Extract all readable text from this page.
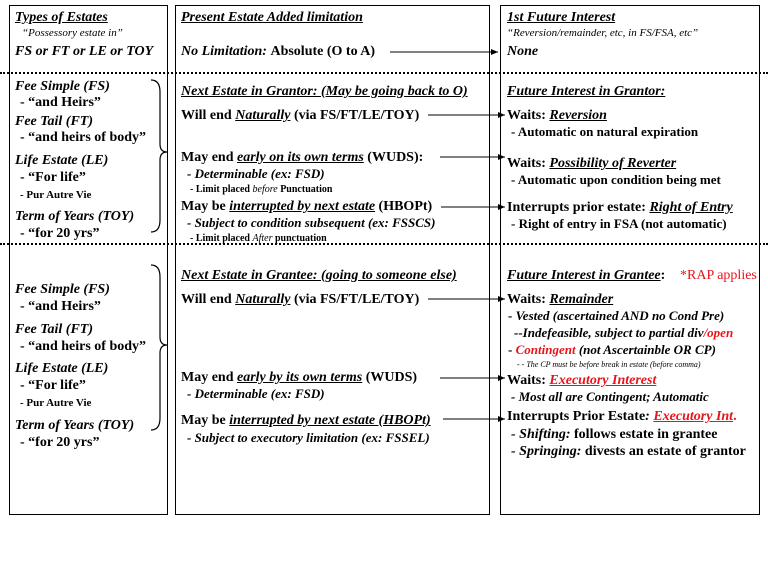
Types of Estates
“Possessory estate in”
FS or FT or LE or TOY
Fee Simple (FS)
- “and Heirs”
Fee Tail (FT)
- “and heirs of body”
Life Estate (LE)
- “For life”
- Pur Autre Vie
Term of Years (TOY)
- “for 20 yrs”
Fee Simple (FS)
- “and Heirs”
Fee Tail (FT)
- “and heirs of body”
Life Estate (LE)
- “For life”
- Pur Autre Vie
Term of Years (TOY)
- “for 20 yrs”
Present Estate Added limitation
No Limitation: Absolute (O to A)
Next Estate in Grantor: (May be going back to O)
Will end Naturally (via FS/FT/LE/TOY)
May end early on its own terms (WUDS):
- Determinable (ex: FSD)
- Limit placed before Punctuation
May be interrupted by next estate (HBOPt)
- Subject to condition subsequent (ex: FSSCS)
- Limit placed After punctuation
Next Estate in Grantee: (going to someone else)
Will end Naturally (via FS/FT/LE/TOY)
May end early by its own terms (WUDS)
- Determinable (ex: FSD)
May be interrupted by next estate (HBOPt)
- Subject to executory limitation (ex: FSSEL)
1st Future Interest
“Reversion/remainder, etc, in FS/FSA, etc”
None
Future Interest in Grantor:
Waits: Reversion
- Automatic on natural expiration
Waits: Possibility of Reverter
- Automatic upon condition being met
Interrupts prior estate: Right of Entry
- Right of entry in FSA (not automatic)
Future Interest in Grantee: *RAP applies
Waits: Remainder
- Vested (ascertained AND no Cond Pre)
--Indefeasible, subject to partial div/open
- Contingent (not Ascertainble OR CP)
- - The CP must be before break in estate (before comma)
Waits: Executory Interest
- Most all are Contingent; Automatic
Interrupts Prior Estate: Executory Int.
- Shifting: follows estate in grantee
- Springing: divests an estate of grantor
